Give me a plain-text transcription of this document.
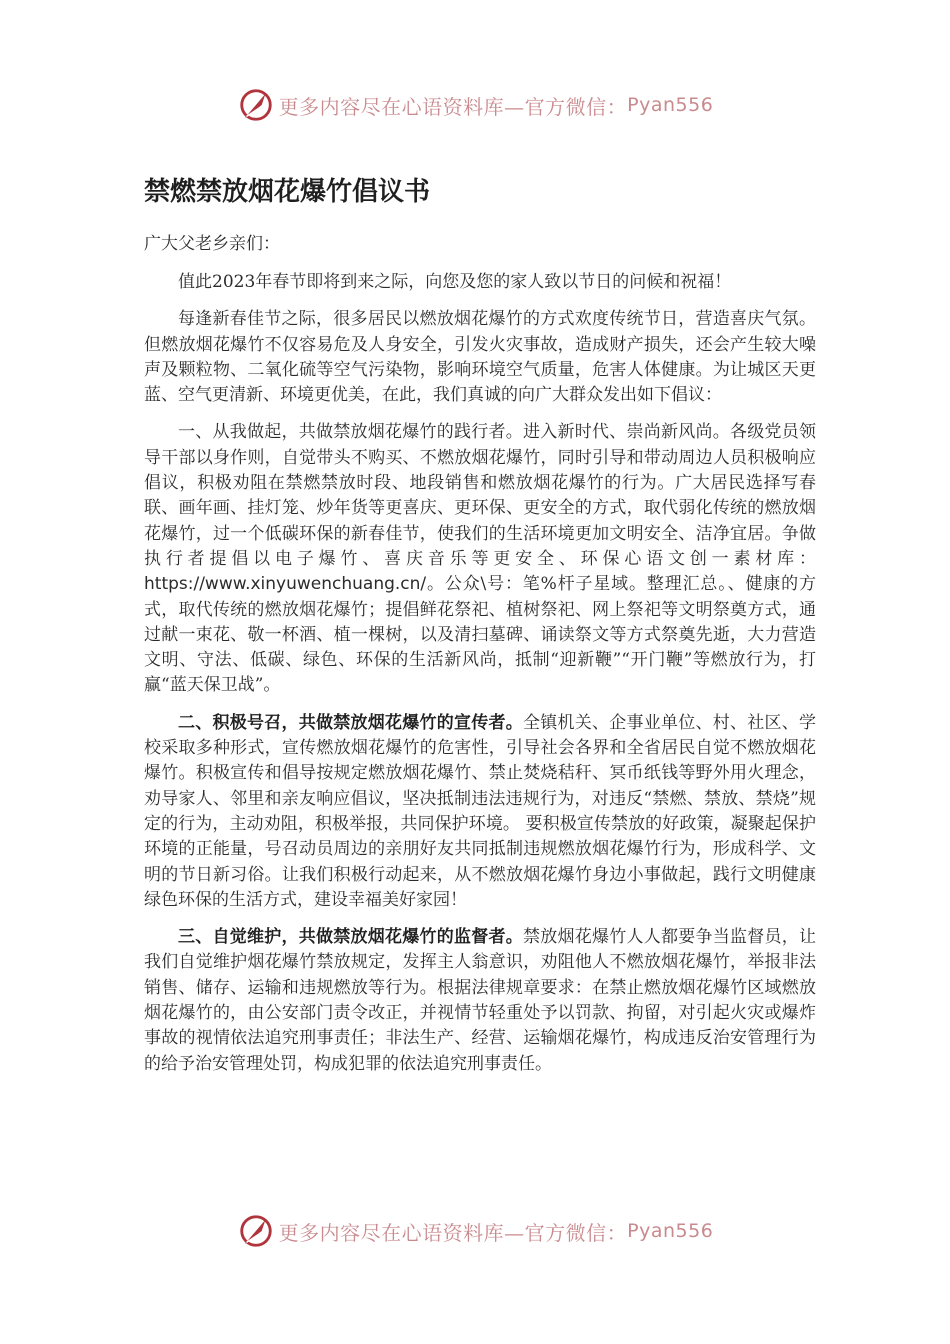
更多内容尽在心语资料库—官方微信： Pyan556
禁燃禁放烟花爆竹倡议书

广大父老乡亲们：

值此2023年春节即将到来之际，向您及您的家人致以节日的问候和祝福！

每逢新春佳节之际，很多居民以燃放烟花爆竹的方式欢度传统节日，营造喜庆气氛。但燃放烟花爆竹不仅容易危及人身安全，引发火灾事故，造成财产损失，还会产生较大噪声及颗粒物、二氧化硫等空气污染物，影响环境空气质量，危害人体健康。为让城区天更蓝、空气更清新、环境更优美，在此，我们真诚的向广大群众发出如下倡议：

一、从我做起，共做禁放烟花爆竹的践行者。进入新时代、崇尚新风尚。各级党员领导干部以身作则，自觉带头不购买、不燃放烟花爆竹，同时引导和带动周边人员积极响应倡议，积极劝阻在禁燃禁放时段、地段销售和燃放烟花爆竹的行为。广大居民选择写春联、画年画、挂灯笼、炒年货等更喜庆、更环保、更安全的方式，取代弱化传统的燃放烟花爆竹，过一个低碳环保的新春佳节，使我们的生活环境更加文明安全、洁净宜居。争做执行者提倡以电子爆竹、喜庆音乐等更安全、环保心语文创一素材库：https://www.xinyuwenchuang.cn/。公众\号：笔%杆子星域。整理汇总。、健康的方式，取代传统的燃放烟花爆竹；提倡鲜花祭祀、植树祭祀、网上祭祀等文明祭奠方式，通过献一束花、敬一杯酒、植一棵树，以及清扫墓碑、诵读祭文等方式祭奠先逝，大力营造文明、守法、低碳、绿色、环保的生活新风尚，抵制“迎新鞭”“开门鞭”等燃放行为，打赢“蓝天保卫战”。

二、积极号召，共做禁放烟花爆竹的宣传者。全镇机关、企事业单位、村、社区、学校采取多种形式，宣传燃放烟花爆竹的危害性，引导社会各界和全省居民自觉不燃放烟花爆竹。积极宣传和倡导按规定燃放烟花爆竹、禁止焚烧秸秆、冥币纸钱等野外用火理念，劝导家人、邻里和亲友响应倡议，坚决抵制违法违规行为，对违反“禁燃、禁放、禁烧”规定的行为，主动劝阻，积极举报，共同保护环境。 要积极宣传禁放的好政策，凝聚起保护环境的正能量，号召动员周边的亲朋好友共同抵制违规燃放烟花爆竹行为，形成科学、文明的节日新习俗。让我们积极行动起来，从不燃放烟花爆竹身边小事做起，践行文明健康绿色环保的生活方式，建设幸福美好家园！

三、自觉维护，共做禁放烟花爆竹的监督者。禁放烟花爆竹人人都要争当监督员，让我们自觉维护烟花爆竹禁放规定，发挥主人翁意识，劝阻他人不燃放烟花爆竹，举报非法销售、储存、运输和违规燃放等行为。根据法律规章要求：在禁止燃放烟花爆竹区域燃放烟花爆竹的，由公安部门责令改正，并视情节轻重处予以罚款、拘留，对引起火灾或爆炸事故的视情依法追究刑事责任；非法生产、经营、运输烟花爆竹，构成违反治安管理行为的给予治安管理处罚，构成犯罪的依法追究刑事责任。

更多内容尽在心语资料库—官方微信： Pyan556
